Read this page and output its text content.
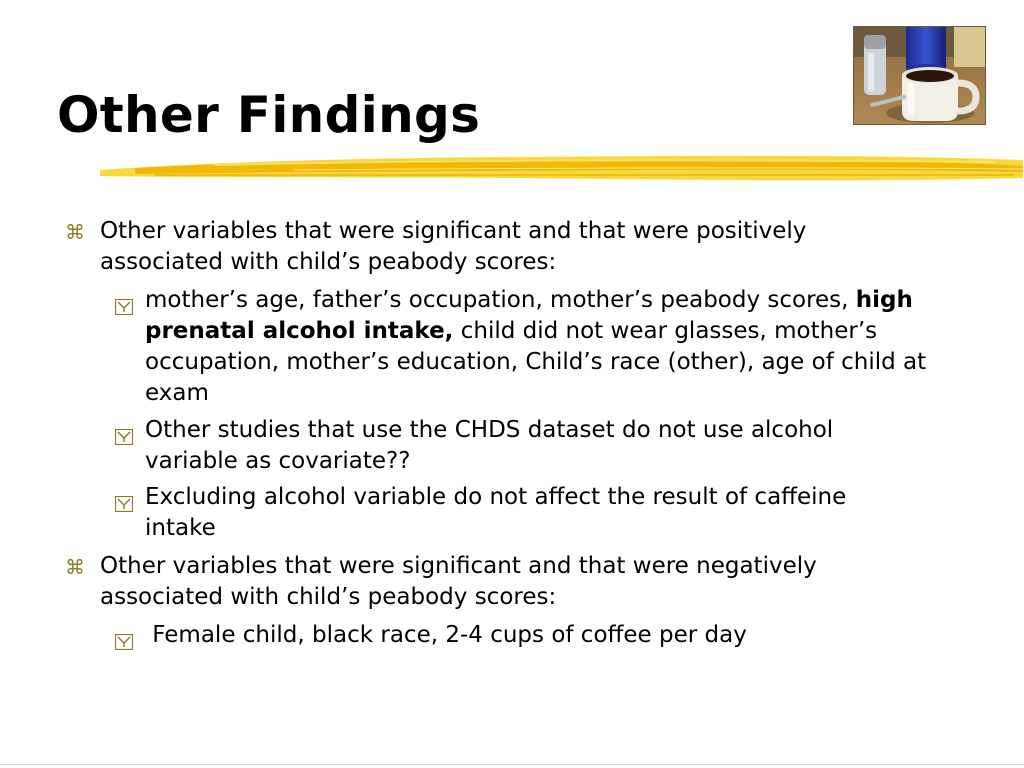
Other Findings
⌘ Other variables that were significant and that were positively associated with child’s peabody scores:
mother’s age, father’s occupation, mother’s peabody scores, high prenatal alcohol intake, child did not wear glasses, mother’s occupation, mother’s education, Child’s race (other), age of child at exam
Other studies that use the CHDS dataset do not use alcohol variable as covariate??
Excluding alcohol variable do not affect the result of caffeine intake
⌘ Other variables that were significant and that were negatively associated with child’s peabody scores:
Female child, black race, 2-4 cups of coffee per day
